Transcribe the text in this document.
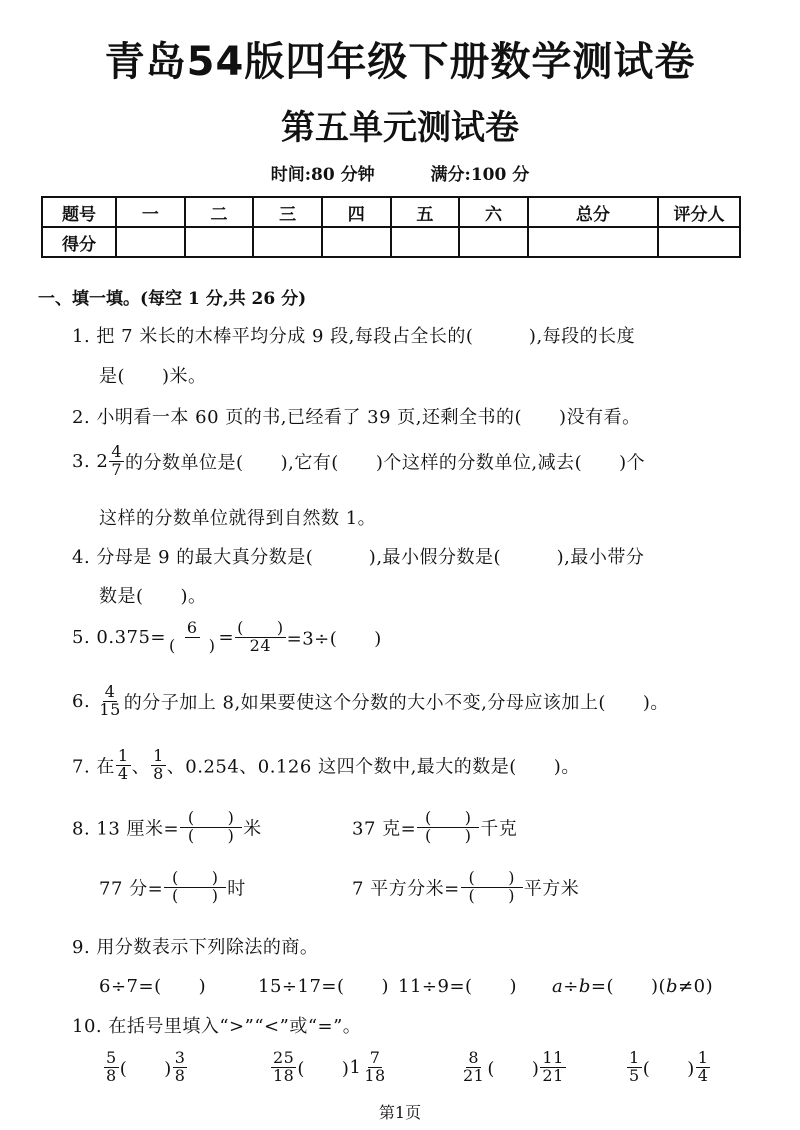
青岛54版四年级下册数学测试卷
第五单元测试卷
时间:80 分钟	满分:100 分
题号	一	二	三	四	五	六	总分	评分人
得分								
一、填一填。(每空 1 分,共 26 分)
1. 把 7 米长的木棒平均分成 9 段,每段占全长的(　　　),每段的长度
是(　　)米。
2. 小明看一本 60 页的书,已经看了 39 页,还剩全书的(　　)没有看。
3. $2 \frac{4}{7}$ 的分数单位是(　　),它有(　　)个这样的分数单位,减去(　　)个
这样的分数单位就得到自然数 1。
4. 分母是 9 的最大真分数是(　　　),最小假分数是(　　　),最小带分
数是(　　)。
5. $0.375= \frac{6}{( )} = \frac{( )}{24} =3\div$(　　)
6. $\frac{4}{15}$ 的分子加上 8,如果要使这个分数的大小不变,分母应该加上(　　)。
7. 在 $\frac{1}{4}$ 、 $\frac{1}{8}$ 、0.254、0.126 这四个数中,最大的数是(　　)。
8. 13 厘米= $\frac{( )}{( )}$ 米	37 克= $\frac{( )}{( )}$ 千克
77 分= $\frac{( )}{( )}$ 时	7 平方分米= $\frac{( )}{( )}$ 平方米
9. 用分数表示下列除法的商。
6÷7=(　　)	15÷17=(　　) 11÷9=(　　) a÷b=(　　)(b≠0)
10. 在括号里填入“>”“<”或“=”。
$\frac{5}{8}$ (　　) $\frac{3}{8}$	$\frac{25}{18}$ (　　)$1 \frac{7}{18}$	$\frac{8}{21}$ (　　) $\frac{11}{21}$	$\frac{1}{5}$ (　　) $\frac{1}{4}$
第1页
